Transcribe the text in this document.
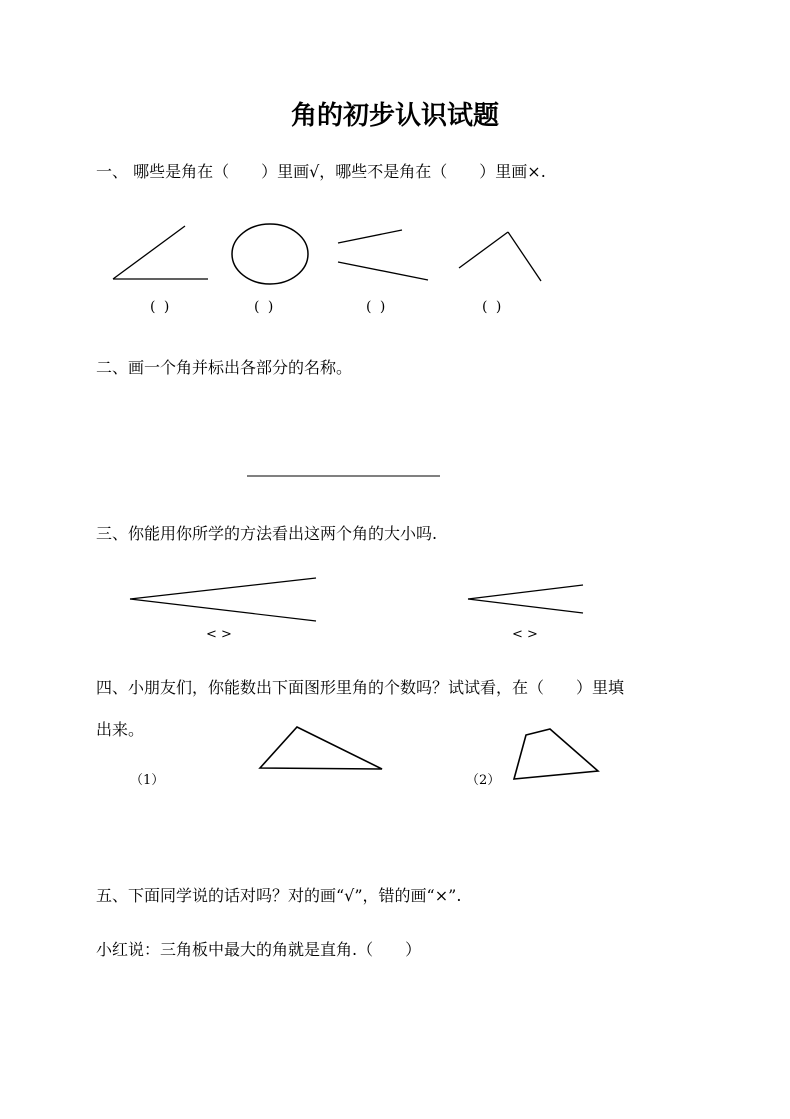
角的初步认识试题
一、 哪些是角在（　　）里画√，哪些不是角在（　　）里画×.
( )	( )	( )	( )
二、画一个角并标出各部分的名称。
三、你能用你所学的方法看出这两个角的大小吗.
< >	< >
四、小朋友们，你能数出下面图形里角的个数吗？试试看，在（　　）里填
出来。
（1）	（2）
五、下面同学说的话对吗？对的画“√”，错的画“×”.
小红说：三角板中最大的角就是直角.（　　）
